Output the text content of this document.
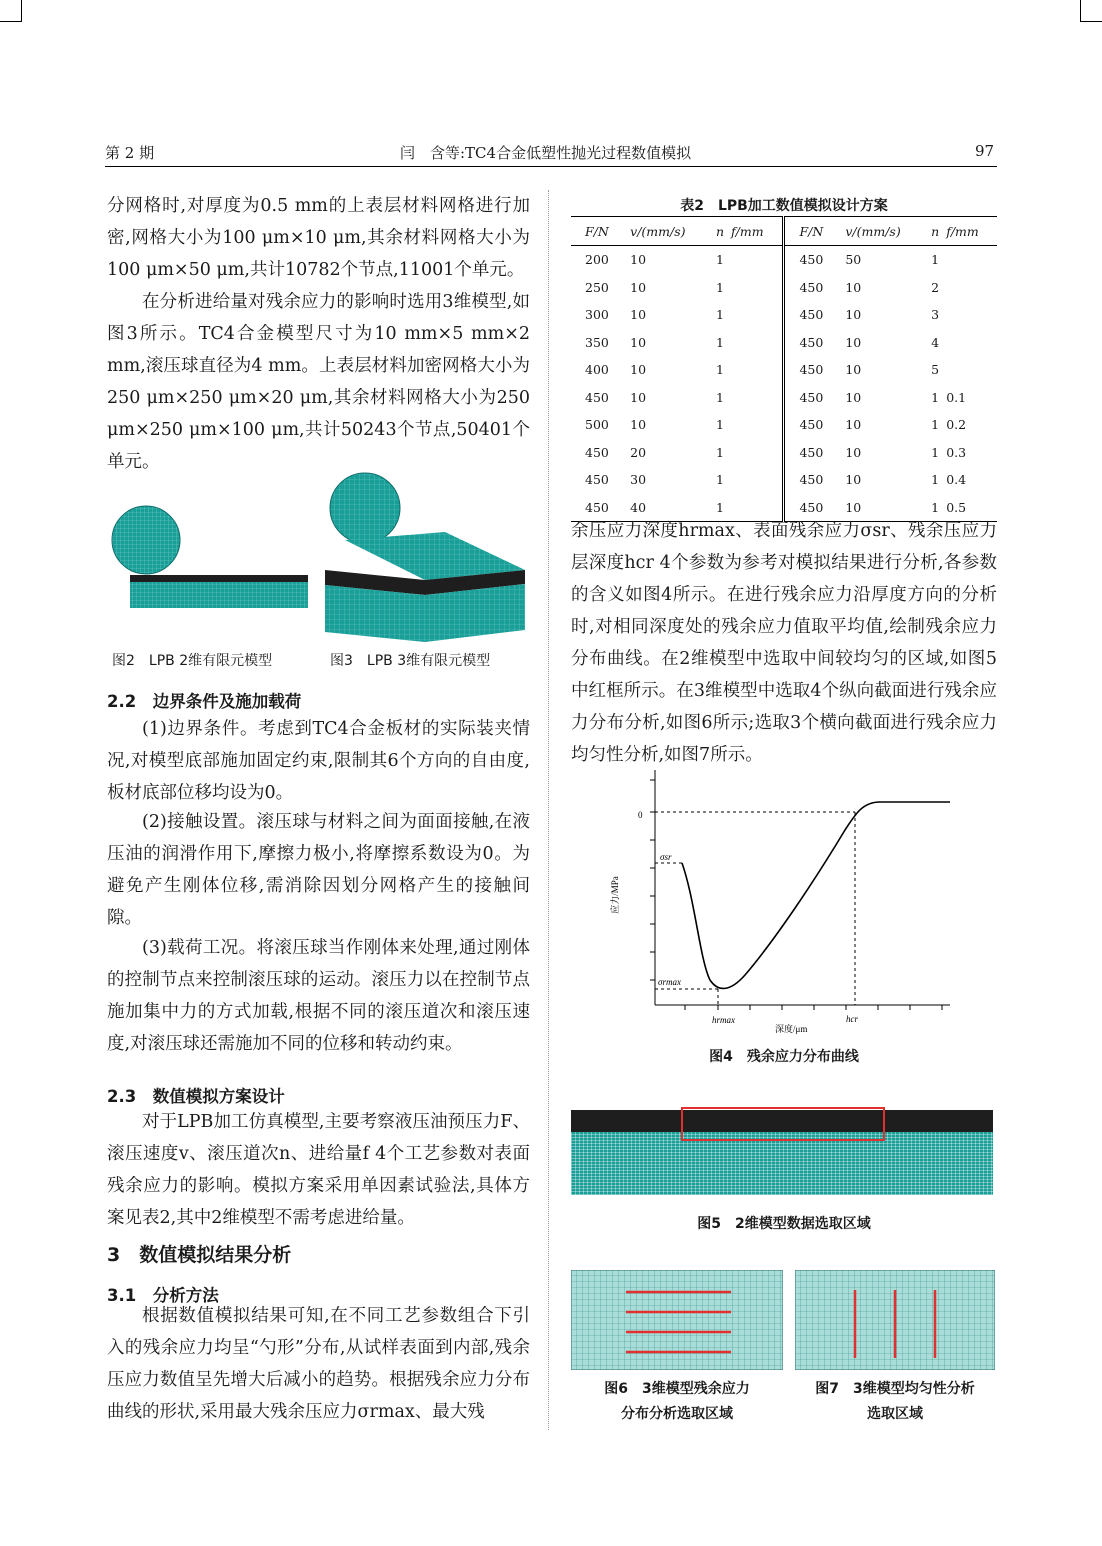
第 2 期	闫　含等:TC4合金低塑性抛光过程数值模拟	97
分网格时,对厚度为0.5 mm的上表层材料网格进行加密,网格大小为100 μm×10 μm,其余材料网格大小为100 μm×50 μm,共计10782个节点,11001个单元。
在分析进给量对残余应力的影响时选用3维模型,如图3所示。TC4合金模型尺寸为10 mm×5 mm×2 mm,滚压球直径为4 mm。上表层材料加密网格大小为250 μm×250 μm×20 μm,其余材料网格大小为250 μm×250 μm×100 μm,共计50243个节点,50401个单元。
图2　LPB 2维有限元模型	图3　LPB 3维有限元模型
2.2　边界条件及施加载荷
(1)边界条件。考虑到TC4合金板材的实际装夹情况,对模型底部施加固定约束,限制其6个方向的自由度,板材底部位移均设为0。
(2)接触设置。滚压球与材料之间为面面接触,在液压油的润滑作用下,摩擦力极小,将摩擦系数设为0。为避免产生刚体位移,需消除因划分网格产生的接触间隙。
(3)载荷工况。将滚压球当作刚体来处理,通过刚体的控制节点来控制滚压球的运动。滚压力以在控制节点施加集中力的方式加载,根据不同的滚压道次和滚压速度,对滚压球还需施加不同的位移和转动约束。
2.3　数值模拟方案设计
对于LPB加工仿真模型,主要考察液压油预压力F、滚压速度v、滚压道次n、进给量f 4个工艺参数对表面残余应力的影响。模拟方案采用单因素试验法,具体方案见表2,其中2维模型不需考虑进给量。
3　数值模拟结果分析
3.1　分析方法
根据数值模拟结果可知,在不同工艺参数组合下引入的残余应力均呈“勺形”分布,从试样表面到内部,残余压应力数值呈先增大后减小的趋势。根据残余应力分布曲线的形状,采用最大残余压应力σrmax、最大残
表2　LPB加工数值模拟设计方案
F/N	v/(mm/s)	n	f/mm	F/N	v/(mm/s)	n	f/mm
200	10	1		450	50	1	
250	10	1		450	10	2	
300	10	1		450	10	3	
350	10	1		450	10	4	
400	10	1		450	10	5	
450	10	1		450	10	1	0.1
500	10	1		450	10	1	0.2
450	20	1		450	10	1	0.3
450	30	1		450	10	1	0.4
450	40	1		450	10	1	0.5
余压应力深度hrmax、表面残余应力σsr、残余压应力层深度hcr 4个参数为参考对模拟结果进行分析,各参数的含义如图4所示。在进行残余应力沿厚度方向的分析时,对相同深度处的残余应力值取平均值,绘制残余应力分布曲线。在2维模型中选取中间较均匀的区域,如图5中红框所示。在3维模型中选取4个纵向截面进行残余应力分布分析,如图6所示;选取3个横向截面进行残余应力均匀性分析,如图7所示。
0
σsr
σrmax
hrmax	hcr
深度/μm
应力/MPa
图4　残余应力分布曲线
图5　2维模型数据选取区域
图6　3维模型残余应力
分布分析选取区域
图7　3维模型均匀性分析
选取区域
